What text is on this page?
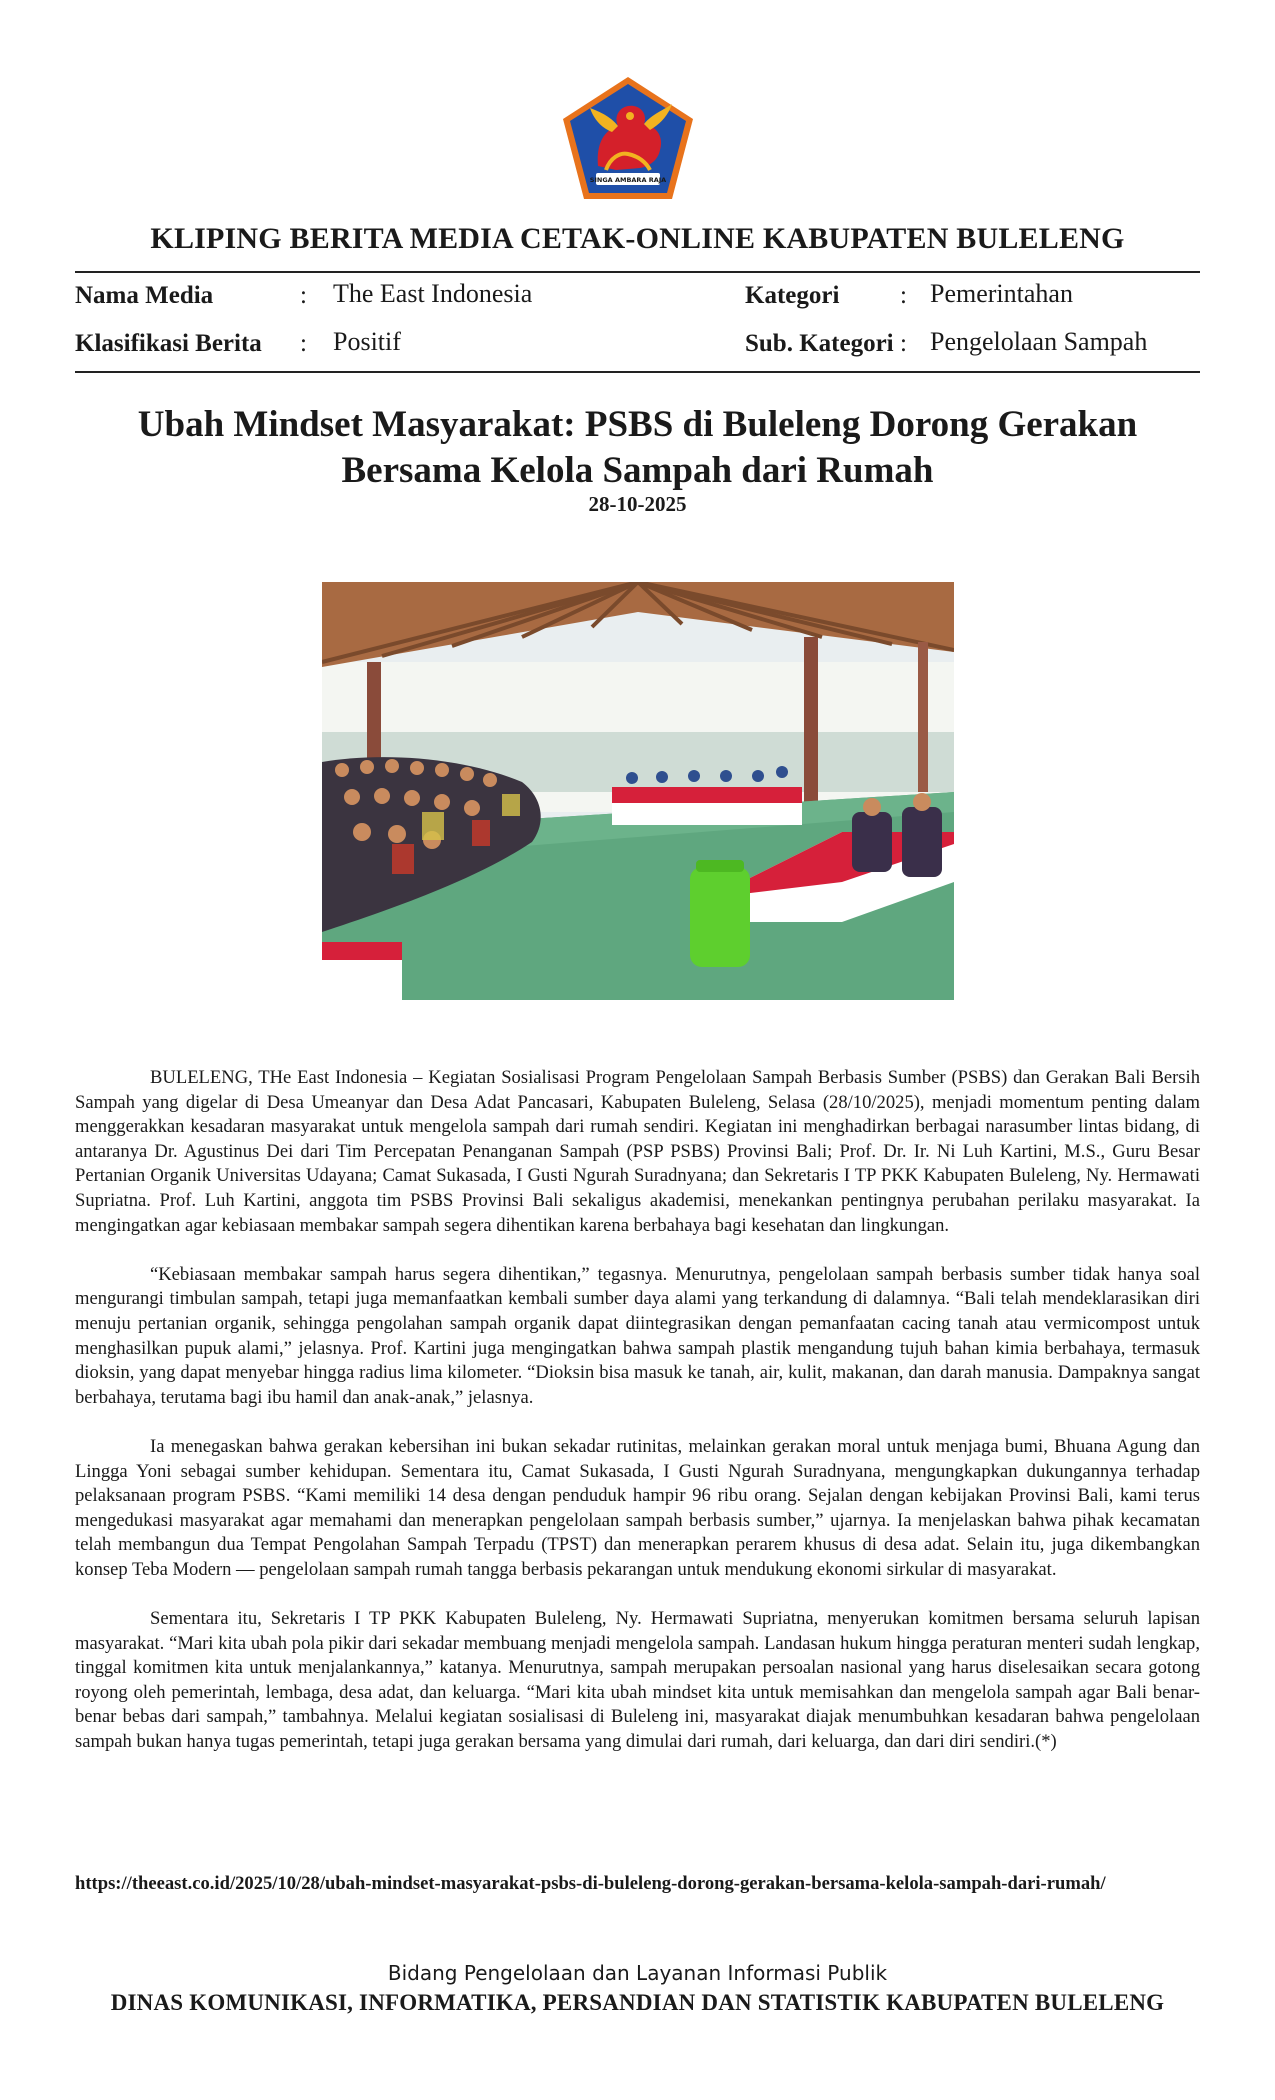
SINGA AMBARA RAJA
KLIPING BERITA MEDIA CETAK-ONLINE KABUPATEN BULELENG
Nama Media	: The East Indonesia	Kategori : Pemerintahan
Klasifikasi Berita : Positif	Sub. Kategori : Pengelolaan Sampah
Ubah Mindset Masyarakat: PSBS di Buleleng Dorong Gerakan Bersama Kelola Sampah dari Rumah
28-10-2025

BULELENG, THe East Indonesia – Kegiatan Sosialisasi Program Pengelolaan Sampah Berbasis Sumber (PSBS) dan Gerakan Bali Bersih Sampah yang digelar di Desa Umeanyar dan Desa Adat Pancasari, Kabupaten Buleleng, Selasa (28/10/2025), menjadi momentum penting dalam menggerakkan kesadaran masyarakat untuk mengelola sampah dari rumah sendiri. Kegiatan ini menghadirkan berbagai narasumber lintas bidang, di antaranya Dr. Agustinus Dei dari Tim Percepatan Penanganan Sampah (PSP PSBS) Provinsi Bali; Prof. Dr. Ir. Ni Luh Kartini, M.S., Guru Besar Pertanian Organik Universitas Udayana; Camat Sukasada, I Gusti Ngurah Suradnyana; dan Sekretaris I TP PKK Kabupaten Buleleng, Ny. Hermawati Supriatna. Prof. Luh Kartini, anggota tim PSBS Provinsi Bali sekaligus akademisi, menekankan pentingnya perubahan perilaku masyarakat. Ia mengingatkan agar kebiasaan membakar sampah segera dihentikan karena berbahaya bagi kesehatan dan lingkungan.

“Kebiasaan membakar sampah harus segera dihentikan,” tegasnya. Menurutnya, pengelolaan sampah berbasis sumber tidak hanya soal mengurangi timbulan sampah, tetapi juga memanfaatkan kembali sumber daya alami yang terkandung di dalamnya. “Bali telah mendeklarasikan diri menuju pertanian organik, sehingga pengolahan sampah organik dapat diintegrasikan dengan pemanfaatan cacing tanah atau vermicompost untuk menghasilkan pupuk alami,” jelasnya. Prof. Kartini juga mengingatkan bahwa sampah plastik mengandung tujuh bahan kimia berbahaya, termasuk dioksin, yang dapat menyebar hingga radius lima kilometer. “Dioksin bisa masuk ke tanah, air, kulit, makanan, dan darah manusia. Dampaknya sangat berbahaya, terutama bagi ibu hamil dan anak-anak,” jelasnya.

Ia menegaskan bahwa gerakan kebersihan ini bukan sekadar rutinitas, melainkan gerakan moral untuk menjaga bumi, Bhuana Agung dan Lingga Yoni sebagai sumber kehidupan. Sementara itu, Camat Sukasada, I Gusti Ngurah Suradnyana, mengungkapkan dukungannya terhadap pelaksanaan program PSBS. “Kami memiliki 14 desa dengan penduduk hampir 96 ribu orang. Sejalan dengan kebijakan Provinsi Bali, kami terus mengedukasi masyarakat agar memahami dan menerapkan pengelolaan sampah berbasis sumber,” ujarnya. Ia menjelaskan bahwa pihak kecamatan telah membangun dua Tempat Pengolahan Sampah Terpadu (TPST) dan menerapkan perarem khusus di desa adat. Selain itu, juga dikembangkan konsep Teba Modern — pengelolaan sampah rumah tangga berbasis pekarangan untuk mendukung ekonomi sirkular di masyarakat.

Sementara itu, Sekretaris I TP PKK Kabupaten Buleleng, Ny. Hermawati Supriatna, menyerukan komitmen bersama seluruh lapisan masyarakat. “Mari kita ubah pola pikir dari sekadar membuang menjadi mengelola sampah. Landasan hukum hingga peraturan menteri sudah lengkap, tinggal komitmen kita untuk menjalankannya,” katanya. Menurutnya, sampah merupakan persoalan nasional yang harus diselesaikan secara gotong royong oleh pemerintah, lembaga, desa adat, dan keluarga. “Mari kita ubah mindset kita untuk memisahkan dan mengelola sampah agar Bali benar-benar bebas dari sampah,” tambahnya. Melalui kegiatan sosialisasi di Buleleng ini, masyarakat diajak menumbuhkan kesadaran bahwa pengelolaan sampah bukan hanya tugas pemerintah, tetapi juga gerakan bersama yang dimulai dari rumah, dari keluarga, dan dari diri sendiri.(*)

https://theeast.co.id/2025/10/28/ubah-mindset-masyarakat-psbs-di-buleleng-dorong-gerakan-bersama-kelola-sampah-dari-rumah/
Bidang Pengelolaan dan Layanan Informasi Publik
DINAS KOMUNIKASI, INFORMATIKA, PERSANDIAN DAN STATISTIK KABUPATEN BULELENG
